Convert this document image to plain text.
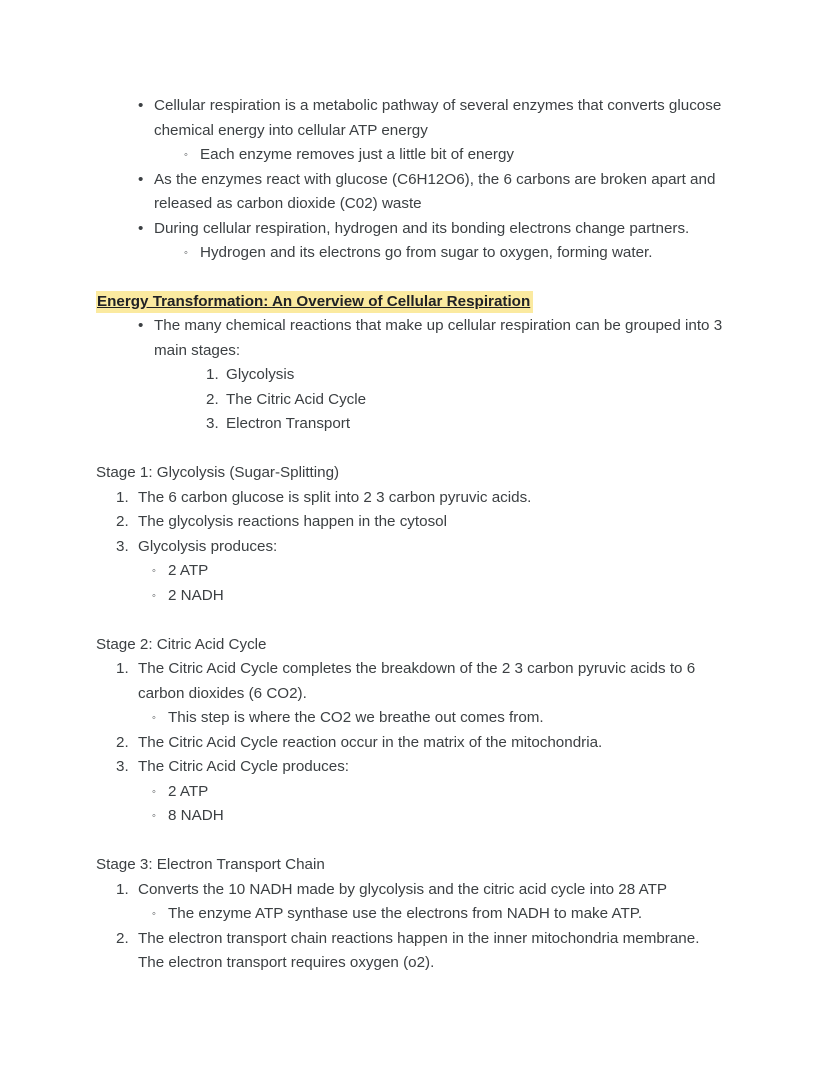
• Cellular respiration is a metabolic pathway of several enzymes that converts glucose chemical energy into cellular ATP energy
◦ Each enzyme removes just a little bit of energy
• As the enzymes react with glucose (C6H12O6), the 6 carbons are broken apart and released as carbon dioxide (C02) waste
• During cellular respiration, hydrogen and its bonding electrons change partners.
◦ Hydrogen and its electrons go from sugar to oxygen, forming water.
Energy Transformation: An Overview of Cellular Respiration
• The many chemical reactions that make up cellular respiration can be grouped into 3 main stages:
1. Glycolysis
2. The Citric Acid Cycle
3. Electron Transport
Stage 1: Glycolysis (Sugar-Splitting)
1. The 6 carbon glucose is split into 2 3 carbon pyruvic acids.
2. The glycolysis reactions happen in the cytosol
3. Glycolysis produces:
◦ 2 ATP
◦ 2 NADH
Stage 2: Citric Acid Cycle
1. The Citric Acid Cycle completes the breakdown of the 2 3 carbon pyruvic acids to 6 carbon dioxides (6 CO2).
◦ This step is where the CO2 we breathe out comes from.
2. The Citric Acid Cycle reaction occur in the matrix of the mitochondria.
3. The Citric Acid Cycle produces:
◦ 2 ATP
◦ 8 NADH
Stage 3: Electron Transport Chain
1. Converts the 10 NADH made by glycolysis and the citric acid cycle into 28 ATP
◦ The enzyme ATP synthase use the electrons from NADH to make ATP.
2. The electron transport chain reactions happen in the inner mitochondria membrane. The electron transport requires oxygen (o2).
